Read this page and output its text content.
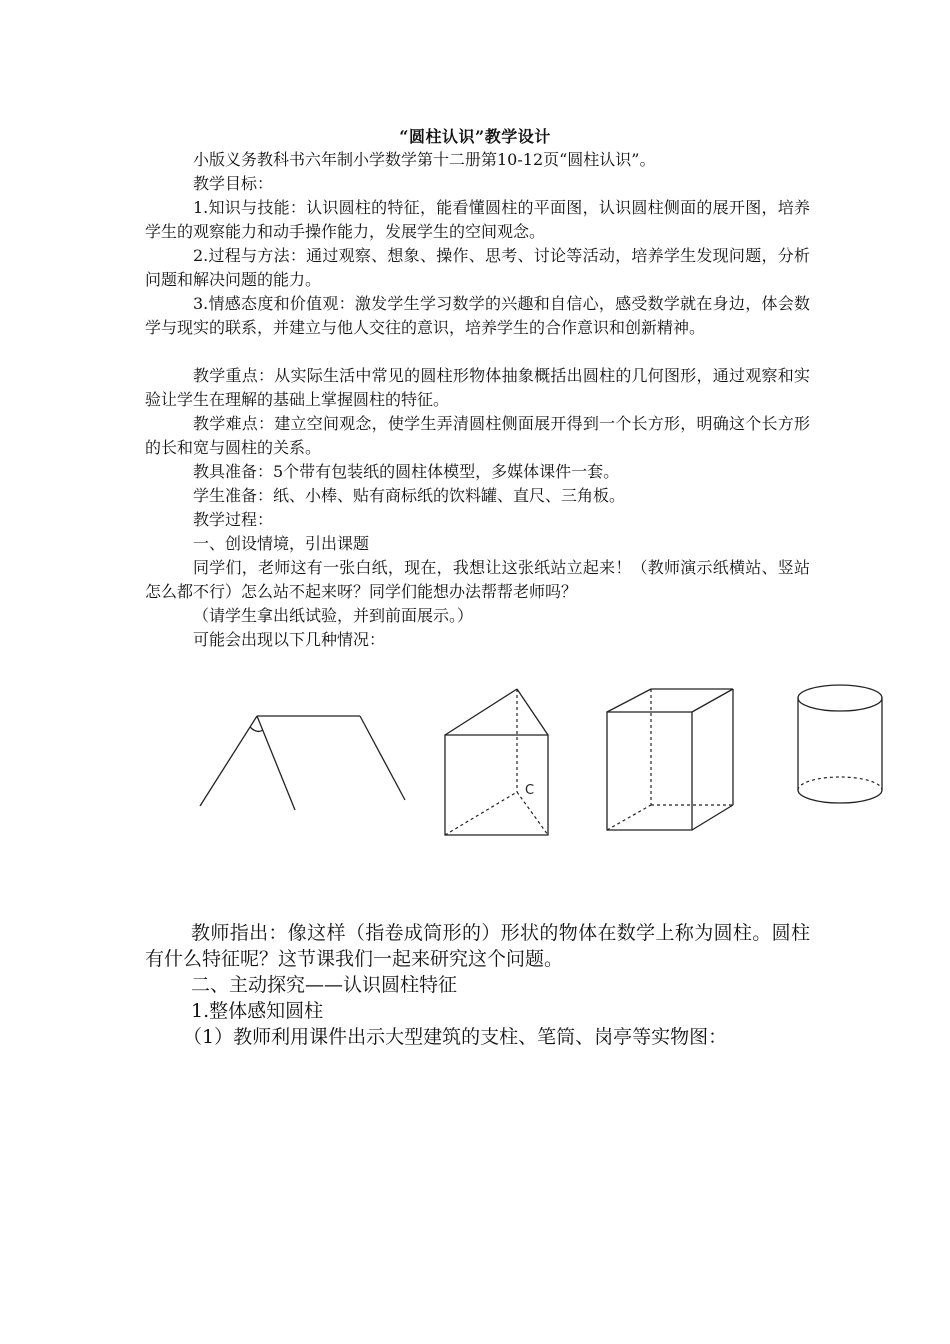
“圆柱认识”教学设计

小版义务教科书六年制小学数学第十二册第10-12页“圆柱认识”。

教学目标：

1.知识与技能：认识圆柱的特征，能看懂圆柱的平面图，认识圆柱侧面的展开图，培养学生的观察能力和动手操作能力，发展学生的空间观念。

2.过程与方法：通过观察、想象、操作、思考、讨论等活动，培养学生发现问题，分析问题和解决问题的能力。

3.情感态度和价值观：激发学生学习数学的兴趣和自信心，感受数学就在身边，体会数学与现实的联系，并建立与他人交往的意识，培养学生的合作意识和创新精神。

教学重点：从实际生活中常见的圆柱形物体抽象概括出圆柱的几何图形，通过观察和实验让学生在理解的基础上掌握圆柱的特征。

教学难点：建立空间观念，使学生弄清圆柱侧面展开得到一个长方形，明确这个长方形的长和宽与圆柱的关系。

教具准备：5个带有包装纸的圆柱体模型，多媒体课件一套。

学生准备：纸、小棒、贴有商标纸的饮料罐、直尺、三角板。

教学过程：

一、创设情境，引出课题

同学们，老师这有一张白纸，现在，我想让这张纸站立起来！（教师演示纸横站、竖站怎么都不行）怎么站不起来呀？同学们能想办法帮帮老师吗？

（请学生拿出纸试验，并到前面展示。）

可能会出现以下几种情况：

C

教师指出：像这样（指卷成筒形的）形状的物体在数学上称为圆柱。圆柱有什么特征呢？这节课我们一起来研究这个问题。

二、主动探究——认识圆柱特征

1.整体感知圆柱

（1）教师利用课件出示大型建筑的支柱、笔筒、岗亭等实物图：
